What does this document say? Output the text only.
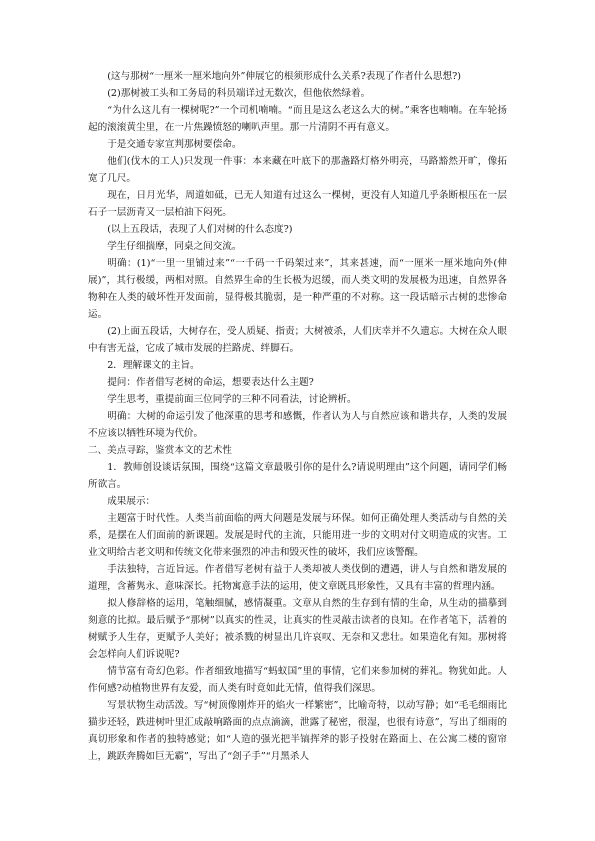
(这与那树“一厘米一厘米地向外”伸展它的根须形成什么关系?表现了作者什么思想?)

(2)那树被工头和工务局的科员端详过无数次，但他依然绿着。

“为什么这儿有一棵树呢?”一个司机喃喃。“而且是这么老这么大的树。”乘客也喃喃。在车轮扬起的滚滚黄尘里，在一片焦躁愤怒的喇叭声里。那一片清阴不再有意义。

于是交通专家宣判那树要偿命。

他们(伐木的工人)只发现一件事：本来藏在叶底下的那盏路灯格外明亮，马路豁然开旷，像拓宽了几尺。

现在，日月光华，周道如砥，已无人知道有过这么一棵树，更没有人知道几乎条断根压在一层石子一层沥青又一层柏油下闷死。

(以上五段话，表现了人们对树的什么态度?)

学生仔细揣摩，同桌之间交流。

明确：(1)“一里一里铺过来”“一千码一千码架过来”，其来甚速，而“一厘米一厘米地向外(伸展)”，其行极缓，两相对照。自然界生命的生长极为迟缓，而人类文明的发展极为迅速，自然界各物种在人类的破坏性开发面前，显得极其脆弱，是一种严重的不对称。这一段话暗示古树的悲惨命运。

(2)上面五段话，大树存在，受人质疑、指责；大树被杀，人们庆幸并不久遗忘。大树在众人眼中有害无益，它成了城市发展的拦路虎、绊脚石。

2．理解课文的主旨。

提问：作者借写老树的命运，想要表达什么主题?

学生思考，重提前面三位同学的三种不同看法，讨论辨析。

明确：大树的命运引发了他深重的思考和感慨，作者认为人与自然应该和谐共存，人类的发展不应该以牺牲环境为代价。

二、美点寻踪，鉴赏本文的艺术性

1．教师创设谈话氛围，围绕“这篇文章最吸引你的是什么?请说明理由”这个问题，请同学们畅所欲言。

成果展示：

主题富于时代性。人类当前面临的两大问题是发展与环保。如何正确处理人类活动与自然的关系，是摆在人们面前的新课题。发展是时代的主流，只能用进一步的文明对付文明造成的灾害。工业文明给古老文明和传统文化带来强烈的冲击和毁灭性的破坏，我们应该警醒。

手法独特，言近旨远。作者借写老树有益于人类却被人类伐倒的遭遇，讲人与自然和谐发展的道理，含蓄隽永、意味深长。托物寓意手法的运用，使文章既具形象性，又具有丰富的哲理内涵。

拟人修辞格的运用，笔触细腻，感情凝重。文章从自然的生存到有情的生命，从生动的描摹到刻意的比拟。最后赋予“那树”以真实的性灵，让真实的性灵敲击读者的良知。在作者笔下，活着的树赋予人生存，更赋予人美好；被杀戮的树显出几许哀叹、无奈和又悲壮。如果造化有知。那树将会怎样向人们诉说呢?

情节富有奇幻色彩。作者细致地描写“蚂蚁国”里的事情，它们来参加树的葬礼。物犹如此。人作何感?动植物世界有友爱，而人类有时竟如此无情，值得我们深思。

写景状物生动活泼。写“树顶像刚炸开的焰火一样繁密”，比喻奇特，以动写静；如“毛毛细雨比猫步还轻，跌进树叶里汇成敲响路面的点点滴滴，泄露了秘密，很湿，也很有诗意”，写出了细雨的真切形象和作者的独特感觉；如“人造的强光把半镐挥斧的影子投射在路面上、在公寓二楼的窗帘上，跳跃奔腾如巨无霸”，写出了“刽子手”“月黑杀人
